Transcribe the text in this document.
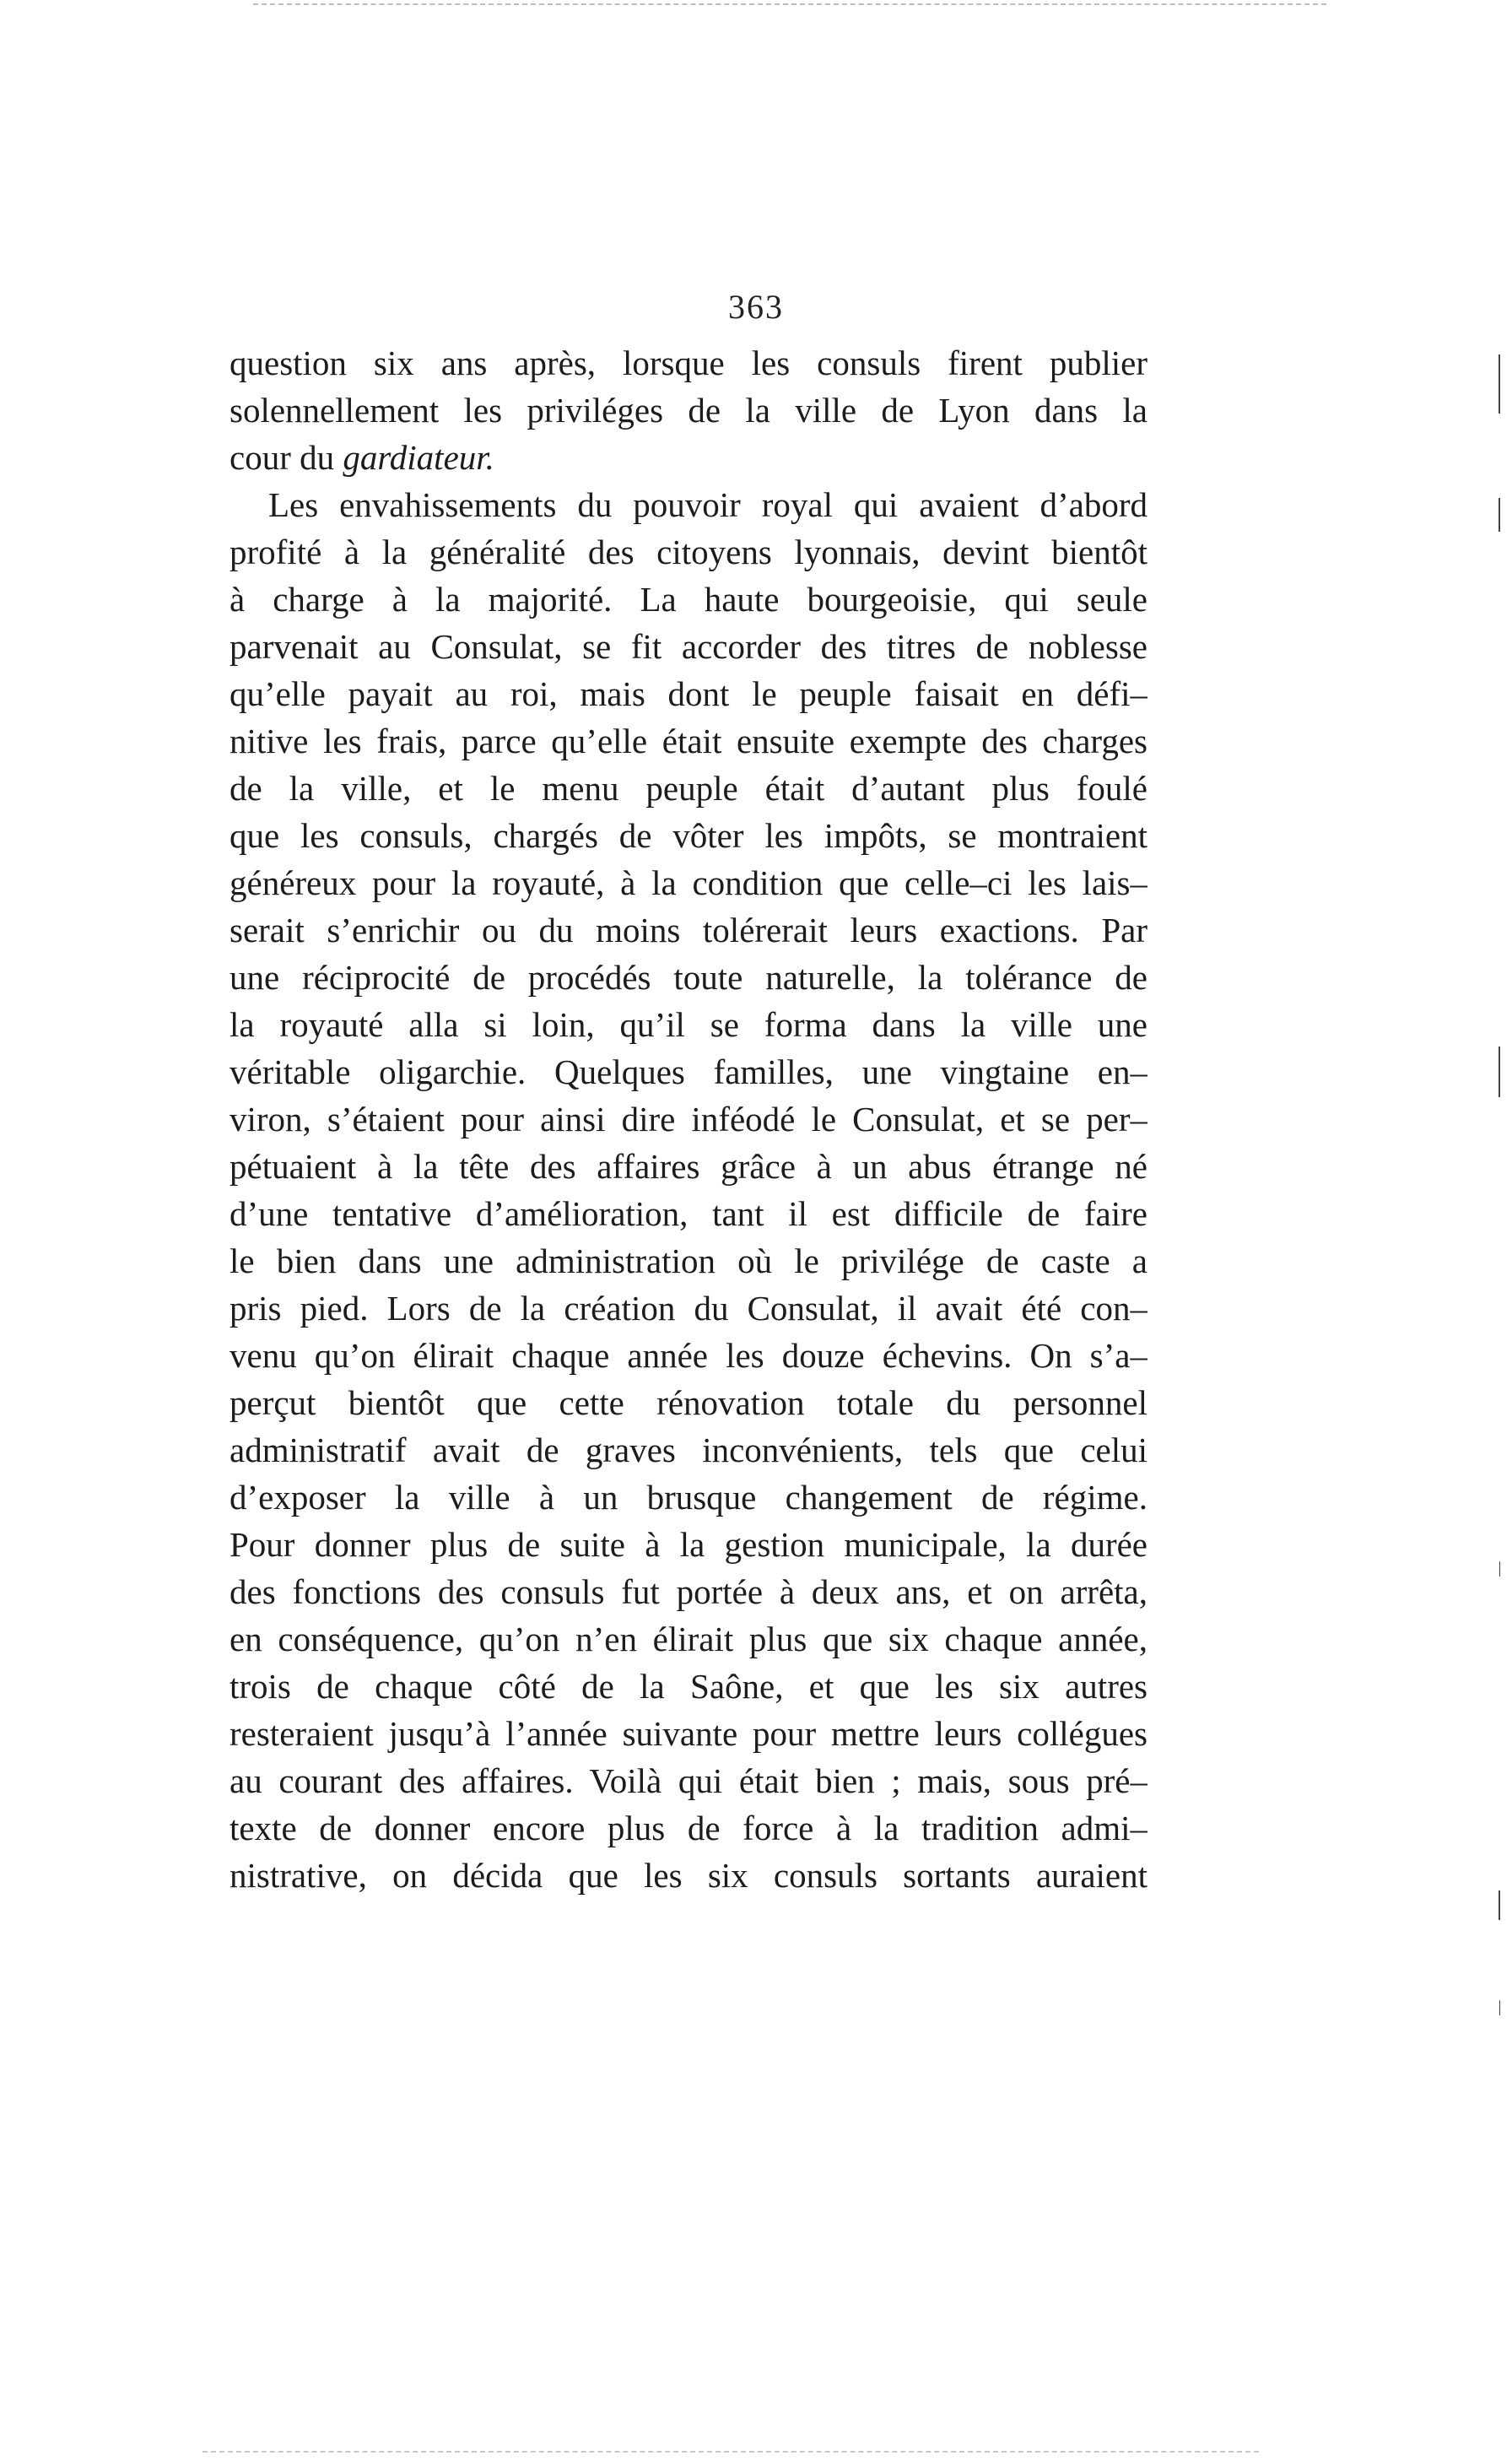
363
question six ans après, lorsque les consuls firent publier
solennellement les priviléges de la ville de Lyon dans la
cour du gardiateur.
Les envahissements du pouvoir royal qui avaient d’abord
profité à la généralité des citoyens lyonnais, devint bientôt
à charge à la majorité. La haute bourgeoisie, qui seule
parvenait au Consulat, se fit accorder des titres de noblesse
qu’elle payait au roi, mais dont le peuple faisait en défi–
nitive les frais, parce qu’elle était ensuite exempte des charges
de la ville, et le menu peuple était d’autant plus foulé
que les consuls, chargés de vôter les impôts, se montraient
généreux pour la royauté, à la condition que celle–ci les lais–
serait s’enrichir ou du moins tolérerait leurs exactions. Par
une réciprocité de procédés toute naturelle, la tolérance de
la royauté alla si loin, qu’il se forma dans la ville une
véritable oligarchie. Quelques familles, une vingtaine en–
viron, s’étaient pour ainsi dire inféodé le Consulat, et se per–
pétuaient à la tête des affaires grâce à un abus étrange né
d’une tentative d’amélioration, tant il est difficile de faire
le bien dans une administration où le privilége de caste a
pris pied. Lors de la création du Consulat, il avait été con–
venu qu’on élirait chaque année les douze échevins. On s’a–
perçut bientôt que cette rénovation totale du personnel
administratif avait de graves inconvénients, tels que celui
d’exposer la ville à un brusque changement de régime.
Pour donner plus de suite à la gestion municipale, la durée
des fonctions des consuls fut portée à deux ans, et on arrêta,
en conséquence, qu’on n’en élirait plus que six chaque année,
trois de chaque côté de la Saône, et que les six autres
resteraient jusqu’à l’année suivante pour mettre leurs collégues
au courant des affaires. Voilà qui était bien ; mais, sous pré–
texte de donner encore plus de force à la tradition admi–
nistrative, on décida que les six consuls sortants auraient
